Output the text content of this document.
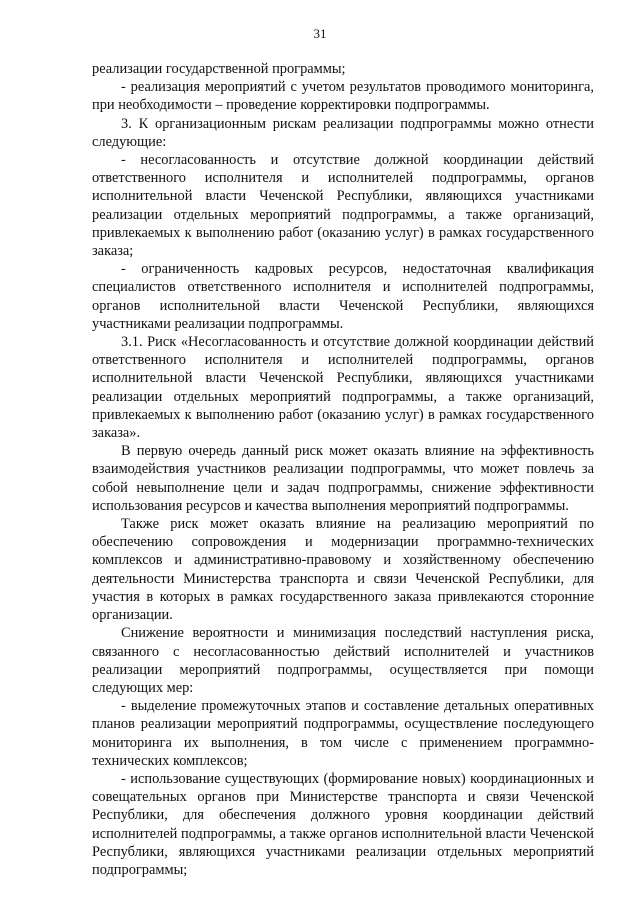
31

реализации государственной программы;

- реализация мероприятий с учетом результатов проводимого мониторинга, при необходимости – проведение корректировки подпрограммы.

3. К организационным рискам реализации подпрограммы можно отнести следующие:

- несогласованность и отсутствие должной координации действий ответственного исполнителя и исполнителей подпрограммы, органов исполнительной власти Чеченской Республики, являющихся участниками реализации отдельных мероприятий подпрограммы, а также организаций, привлекаемых к выполнению работ (оказанию услуг) в рамках государственного заказа;

- ограниченность кадровых ресурсов, недостаточная квалификация специалистов ответственного исполнителя и исполнителей подпрограммы, органов исполнительной власти Чеченской Республики, являющихся участниками реализации подпрограммы.

3.1. Риск «Несогласованность и отсутствие должной координации действий ответственного исполнителя и исполнителей подпрограммы, органов исполнительной власти Чеченской Республики, являющихся участниками реализации отдельных мероприятий подпрограммы, а также организаций, привлекаемых к выполнению работ (оказанию услуг) в рамках государственного заказа».

В первую очередь данный риск может оказать влияние на эффективность взаимодействия участников реализации подпрограммы, что может повлечь за собой невыполнение цели и задач подпрограммы, снижение эффективности использования ресурсов и качества выполнения мероприятий подпрограммы.

Также риск может оказать влияние на реализацию мероприятий по обеспечению сопровождения и модернизации программно-технических комплексов и административно-правовому и хозяйственному обеспечению деятельности Министерства транспорта и связи Чеченской Республики, для участия в которых в рамках государственного заказа привлекаются сторонние организации.

Снижение вероятности и минимизация последствий наступления риска, связанного с несогласованностью действий исполнителей и участников реализации мероприятий подпрограммы, осуществляется при помощи следующих мер:

- выделение промежуточных этапов и составление детальных оперативных планов реализации мероприятий подпрограммы, осуществление последующего мониторинга их выполнения, в том числе с применением программно-технических комплексов;

- использование существующих (формирование новых) координационных и совещательных органов при Министерстве транспорта и связи Чеченской Республики, для обеспечения должного уровня координации действий исполнителей подпрограммы, а также органов исполнительной власти Чеченской Республики, являющихся участниками реализации отдельных мероприятий подпрограммы;
